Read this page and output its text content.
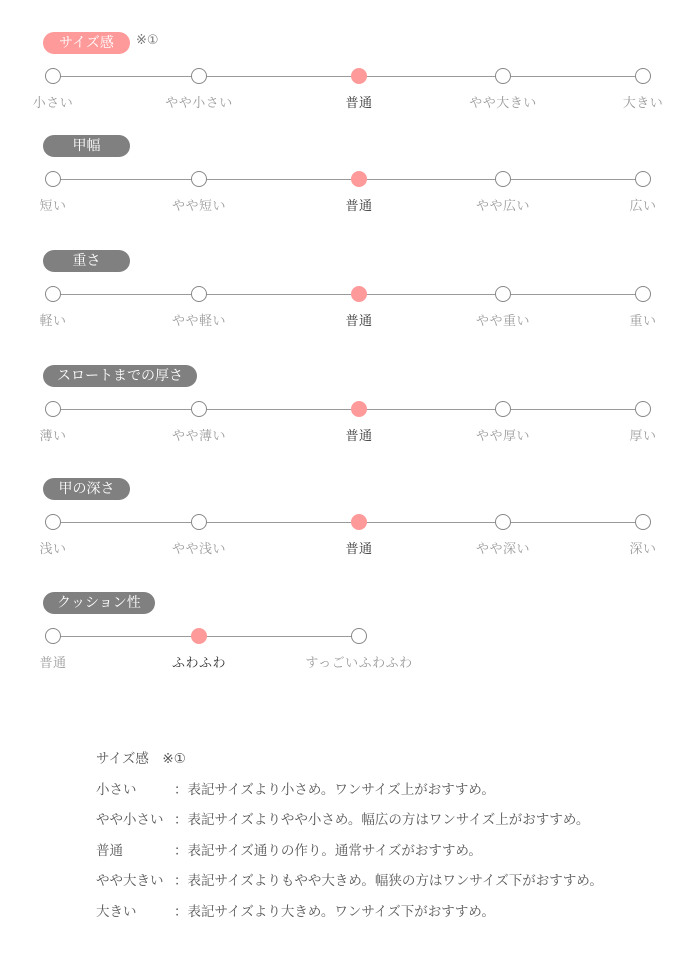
サイズ感	※①
小さい	やや小さい	普通	やや大きい	大きい
甲幅
短い	やや短い	普通	やや広い	広い
重さ
軽い	やや軽い	普通	やや重い	重い
スロートまでの厚さ
薄い	やや薄い	普通	やや厚い	厚い
甲の深さ
浅い	やや浅い	普通	やや深い	深い
クッション性
普通	ふわふわ	すっごいふわふわ
サイズ感　※①
小さい	：表記サイズより小さめ。ワンサイズ上がおすすめ。
やや小さい ：表記サイズよりやや小さめ。幅広の方はワンサイズ上がおすすめ。
普通	：表記サイズ通りの作り。通常サイズがおすすめ。
やや大きい ：表記サイズよりもやや大きめ。幅狭の方はワンサイズ下がおすすめ。
大きい	：表記サイズより大きめ。ワンサイズ下がおすすめ。
